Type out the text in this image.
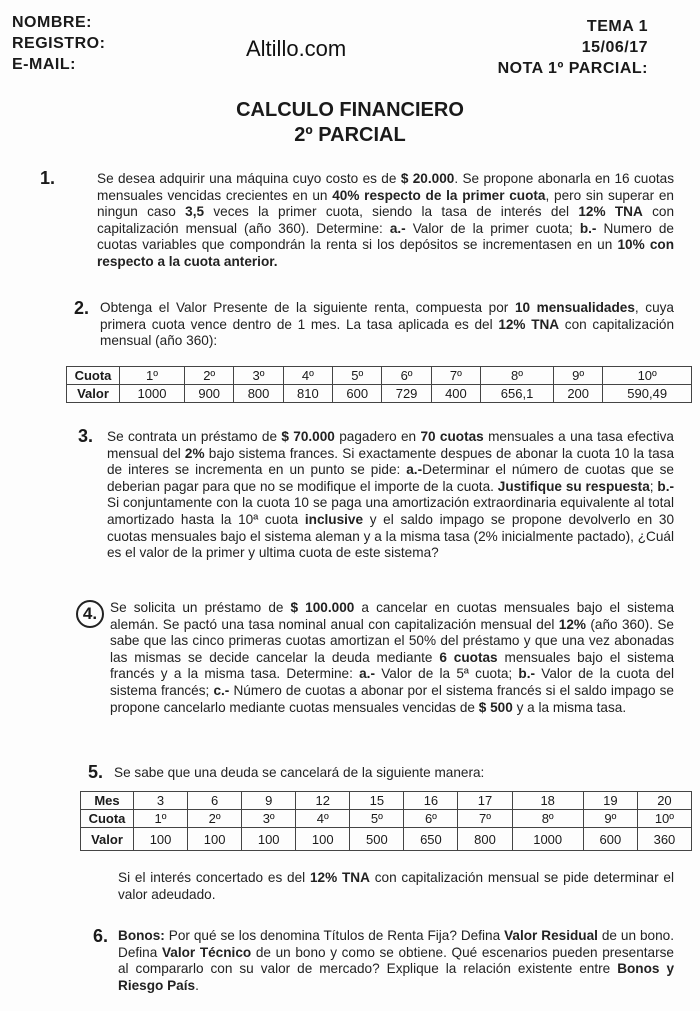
NOMBRE:
REGISTRO:
E-MAIL:
Altillo.com
TEMA 1
15/06/17
NOTA 1º PARCIAL:
CALCULO FINANCIERO
2º PARCIAL
1.	Se desea adquirir una máquina cuyo costo es de $ 20.000. Se propone abonarla en 16 cuotas mensuales vencidas crecientes en un 40% respecto de la primer cuota, pero sin superar en ningun caso 3,5 veces la primer cuota, siendo la tasa de interés del 12% TNA con capitalización mensual (año 360). Determine: a.- Valor de la primer cuota; b.- Numero de cuotas variables que compondrán la renta si los depósitos se incrementasen en un 10% con respecto a la cuota anterior.
2. Obtenga el Valor Presente de la siguiente renta, compuesta por 10 mensualidades, cuya primera cuota vence dentro de 1 mes. La tasa aplicada es del 12% TNA con capitalización mensual (año 360):
Cuota	1º	2º	3º	4º	5º	6º	7º	8º	9º	10º
Valor	1000	900	800	810	600	729	400	656,1	200	590,49
3. Se contrata un préstamo de $ 70.000 pagadero en 70 cuotas mensuales a una tasa efectiva mensual del 2% bajo sistema frances. Si exactamente despues de abonar la cuota 10 la tasa de interes se incrementa en un punto se pide: a.-Determinar el número de cuotas que se deberian pagar para que no se modifique el importe de la cuota. Justifique su respuesta; b.-Si conjuntamente con la cuota 10 se paga una amortización extraordinaria equivalente al total amortizado hasta la 10ª cuota inclusive y el saldo impago se propone devolverlo en 30 cuotas mensuales bajo el sistema aleman y a la misma tasa (2% inicialmente pactado), ¿Cuál es el valor de la primer y ultima cuota de este sistema?
4. Se solicita un préstamo de $ 100.000 a cancelar en cuotas mensuales bajo el sistema alemán. Se pactó una tasa nominal anual con capitalización mensual del 12% (año 360). Se sabe que las cinco primeras cuotas amortizan el 50% del préstamo y que una vez abonadas las mismas se decide cancelar la deuda mediante 6 cuotas mensuales bajo el sistema francés y a la misma tasa. Determine: a.- Valor de la 5ª cuota; b.- Valor de la cuota del sistema francés; c.- Número de cuotas a abonar por el sistema francés si el saldo impago se propone cancelarlo mediante cuotas mensuales vencidas de $ 500 y a la misma tasa.
5. Se sabe que una deuda se cancelará de la siguiente manera:
Mes	3	6	9	12	15	16	17	18	19	20
Cuota	1º	2º	3º	4º	5º	6º	7º	8º	9º	10º
Valor	100	100	100	100	500	650	800	1000	600	360
Si el interés concertado es del 12% TNA con capitalización mensual se pide determinar el valor adeudado.
6. Bonos: Por qué se los denomina Títulos de Renta Fija? Defina Valor Residual de un bono. Defina Valor Técnico de un bono y como se obtiene. Qué escenarios pueden presentarse al compararlo con su valor de mercado? Explique la relación existente entre Bonos y Riesgo País.
